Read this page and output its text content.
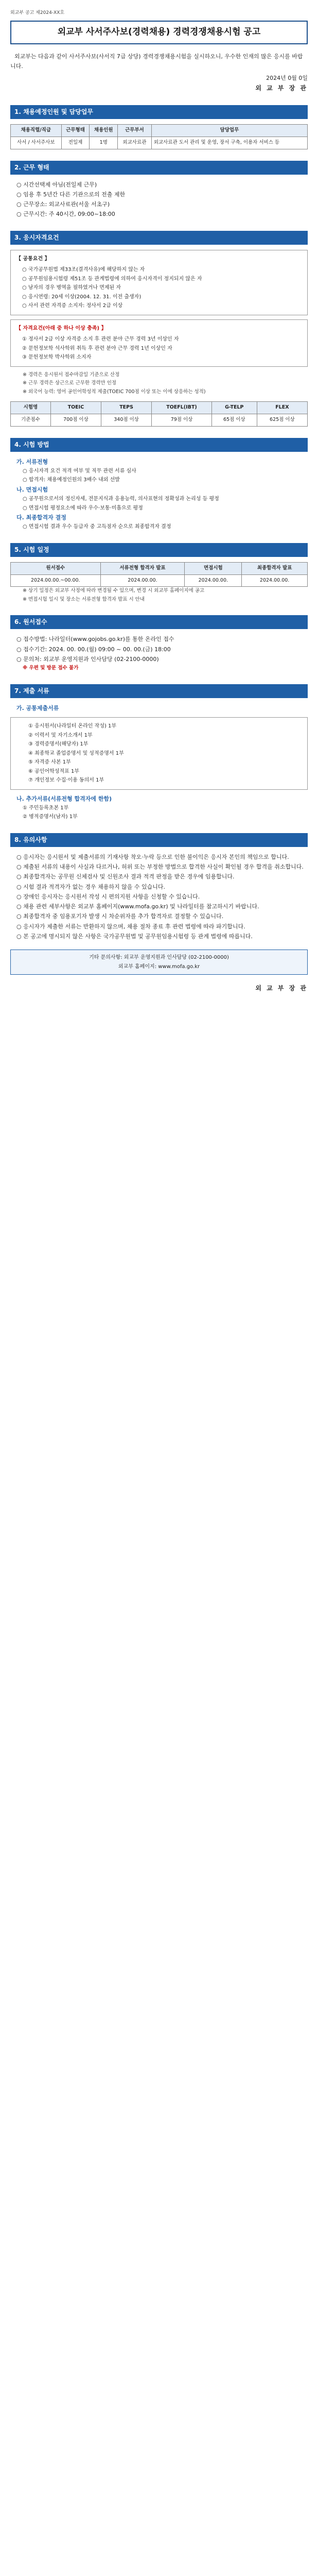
외교부 공고 제2024-XX호
외교부 사서주사보(경력채용) 경력경쟁채용시험 공고
외교부는 다음과 같이 사서주사보(사서직 7급 상당) 경력경쟁채용시험을 실시하오니, 우수한 인재의 많은 응시를 바랍니다.
2024년 0월 0일
외 교 부 장 관
1. 채용예정인원 및 담당업무
채용직렬/직급	근무형태	채용인원	근무부서	담당업무
사서 / 사서주사보	전일제	1명	외교사료관	외교사료관 도서 관리 및 운영, 장서 구축, 이용자 서비스 등
2. 근무 형태
○ 시간선택제 아님(전일제 근무)
○ 임용 후 5년간 다른 기관으로의 전출 제한
○ 근무장소: 외교사료관(서울 서초구)
○ 근무시간: 주 40시간, 09:00~18:00
3. 응시자격요건
【 공통요건 】
○ 국가공무원법 제33조(결격사유)에 해당하지 않는 자
○ 공무원임용시험령 제51조 등 관계법령에 의하여 응시자격이 정지되지 않은 자
○ 남자의 경우 병역을 필하였거나 면제된 자
○ 응시연령: 20세 이상(2004. 12. 31. 이전 출생자)
○ 사서 관련 자격증 소지자: 정사서 2급 이상
【 자격요건(아래 중 하나 이상 충족) 】
① 정사서 2급 이상 자격증 소지 후 관련 분야 근무 경력 3년 이상인 자
② 문헌정보학 석사학위 취득 후 관련 분야 근무 경력 1년 이상인 자
③ 문헌정보학 박사학위 소지자
※ 경력은 응시원서 접수마감일 기준으로 산정
※ 근무 경력은 상근으로 근무한 경력만 인정
※ 외국어 능력: 영어 공인어학성적 제출(TOEIC 700점 이상 또는 이에 상응하는 성적)
시험명	TOEIC	TEPS	TOEFL(IBT)	G-TELP	FLEX
기준점수	700점 이상	340점 이상	79점 이상	65점 이상	625점 이상
4. 시험 방법
가. 서류전형
○ 응시자격 요건 적격 여부 및 직무 관련 서류 심사
○ 합격자: 채용예정인원의 3배수 내외 선발
나. 면접시험
○ 공무원으로서의 정신자세, 전문지식과 응용능력, 의사표현의 정확성과 논리성 등 평정
○ 면접시험 평정요소에 따라 우수·보통·미흡으로 평정
다. 최종합격자 결정
○ 면접시험 결과 우수 등급자 중 고득점자 순으로 최종합격자 결정
5. 시험 일정
원서접수	서류전형 합격자 발표	면접시험	최종합격자 발표
2024.00.00.~00.00.	2024.00.00.	2024.00.00.	2024.00.00.
※ 상기 일정은 외교부 사정에 따라 변경될 수 있으며, 변경 시 외교부 홈페이지에 공고
※ 면접시험 일시 및 장소는 서류전형 합격자 발표 시 안내
6. 원서접수
○ 접수방법: 나라일터(www.gojobs.go.kr)를 통한 온라인 접수
○ 접수기간: 2024. 00. 00.(월) 09:00 ~ 00. 00.(금) 18:00
○ 문의처: 외교부 운영지원과 인사담당 (02-2100-0000)
※ 우편 및 방문 접수 불가
7. 제출 서류
가. 공통제출서류
① 응시원서(나라일터 온라인 작성) 1부
② 이력서 및 자기소개서 1부
③ 경력증명서(해당자) 1부
④ 최종학교 졸업증명서 및 성적증명서 1부
⑤ 자격증 사본 1부
⑥ 공인어학성적표 1부
⑦ 개인정보 수집·이용 동의서 1부
나. 추가서류(서류전형 합격자에 한함)
① 주민등록초본 1부
② 병적증명서(남자) 1부
8. 유의사항
○ 응시자는 응시원서 및 제출서류의 기재사항 착오·누락 등으로 인한 불이익은 응시자 본인의 책임으로 합니다.
○ 제출된 서류의 내용이 사실과 다르거나, 허위 또는 부정한 방법으로 합격한 사실이 확인될 경우 합격을 취소합니다.
○ 최종합격자는 공무원 신체검사 및 신원조사 결과 적격 판정을 받은 경우에 임용합니다.
○ 시험 결과 적격자가 없는 경우 채용하지 않을 수 있습니다.
○ 장애인 응시자는 응시원서 작성 시 편의지원 사항을 신청할 수 있습니다.
○ 채용 관련 세부사항은 외교부 홈페이지(www.mofa.go.kr) 및 나라일터를 참고하시기 바랍니다.
○ 최종합격자 중 임용포기자 발생 시 차순위자를 추가 합격자로 결정할 수 있습니다.
○ 응시자가 제출한 서류는 반환하지 않으며, 채용 절차 종료 후 관련 법령에 따라 파기합니다.
○ 본 공고에 명시되지 않은 사항은 국가공무원법 및 공무원임용시험령 등 관계 법령에 따릅니다.
기타 문의사항: 외교부 운영지원과 인사담당 (02-2100-0000)
외교부 홈페이지: www.mofa.go.kr
외 교 부 장 관
